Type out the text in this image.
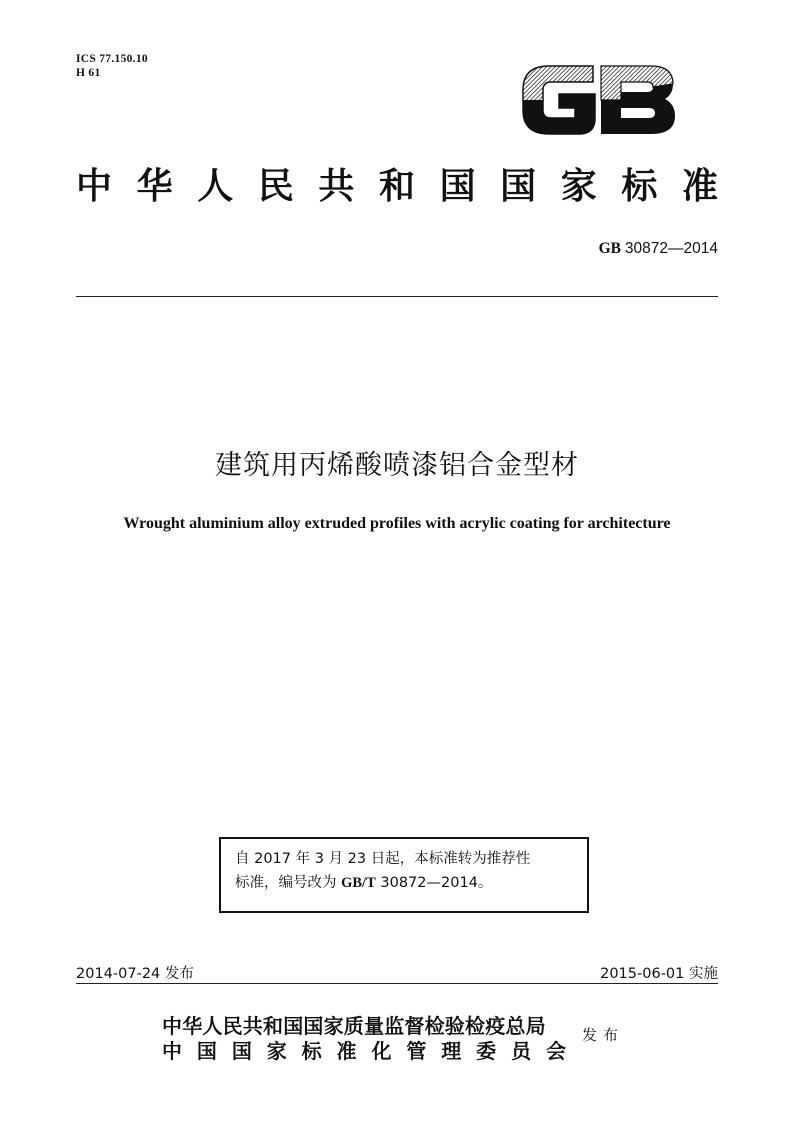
ICS 77.150.10
H 61
中 华 人 民 共 和 国 国 家 标 准
GB 30872—2014
建筑用丙烯酸喷漆铝合金型材
Wrought aluminium alloy extruded profiles with acrylic coating for architecture
自 2017 年 3 月 23 日起，本标准转为推荐性
标准，编号改为 GB/T 30872—2014。
2014-07-24 发布	2015-06-01 实施
中华人民共和国国家质量监督检验检疫总局
中 国 国 家 标 准 化 管 理 委 员 会
发布
